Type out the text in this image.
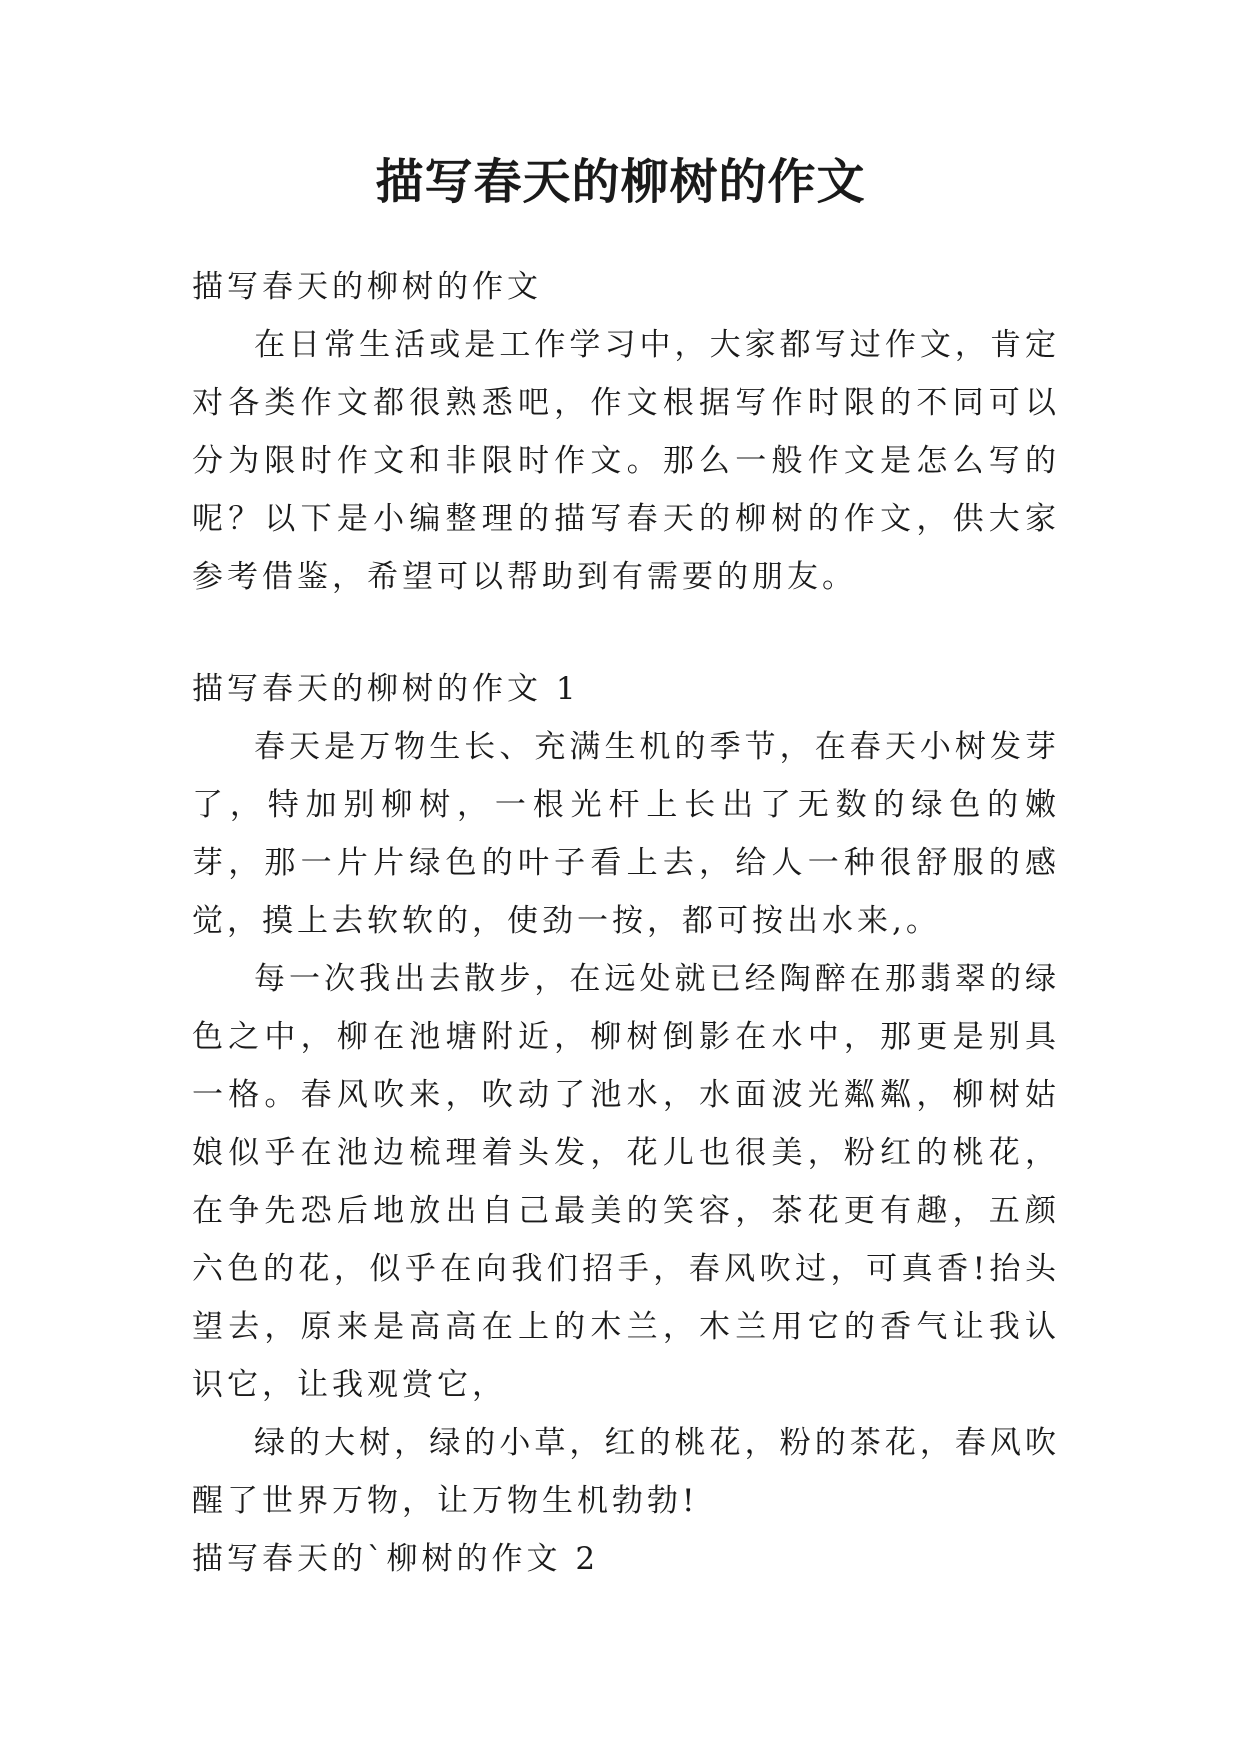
描写春天的柳树的作文

描写春天的柳树的作文

在日常生活或是工作学习中，大家都写过作文，肯定对各类作文都很熟悉吧，作文根据写作时限的不同可以分为限时作文和非限时作文。那么一般作文是怎么写的呢？以下是小编整理的描写春天的柳树的作文，供大家参考借鉴，希望可以帮助到有需要的朋友。

描写春天的柳树的作文 1

春天是万物生长、充满生机的季节，在春天小树发芽了，特加别柳树，一根光杆上长出了无数的绿色的嫩芽，那一片片绿色的叶子看上去，给人一种很舒服的感觉，摸上去软软的，使劲一按，都可按出水来,。

每一次我出去散步，在远处就已经陶醉在那翡翠的绿色之中，柳在池塘附近，柳树倒影在水中，那更是别具一格。春风吹来，吹动了池水，水面波光粼粼，柳树姑娘似乎在池边梳理着头发，花儿也很美，粉红的桃花，在争先恐后地放出自己最美的笑容，茶花更有趣，五颜六色的花，似乎在向我们招手，春风吹过，可真香!抬头望去，原来是高高在上的木兰，木兰用它的香气让我认识它，让我观赏它，

绿的大树，绿的小草，红的桃花，粉的茶花，春风吹醒了世界万物，让万物生机勃勃!

描写春天的`柳树的作文 2
